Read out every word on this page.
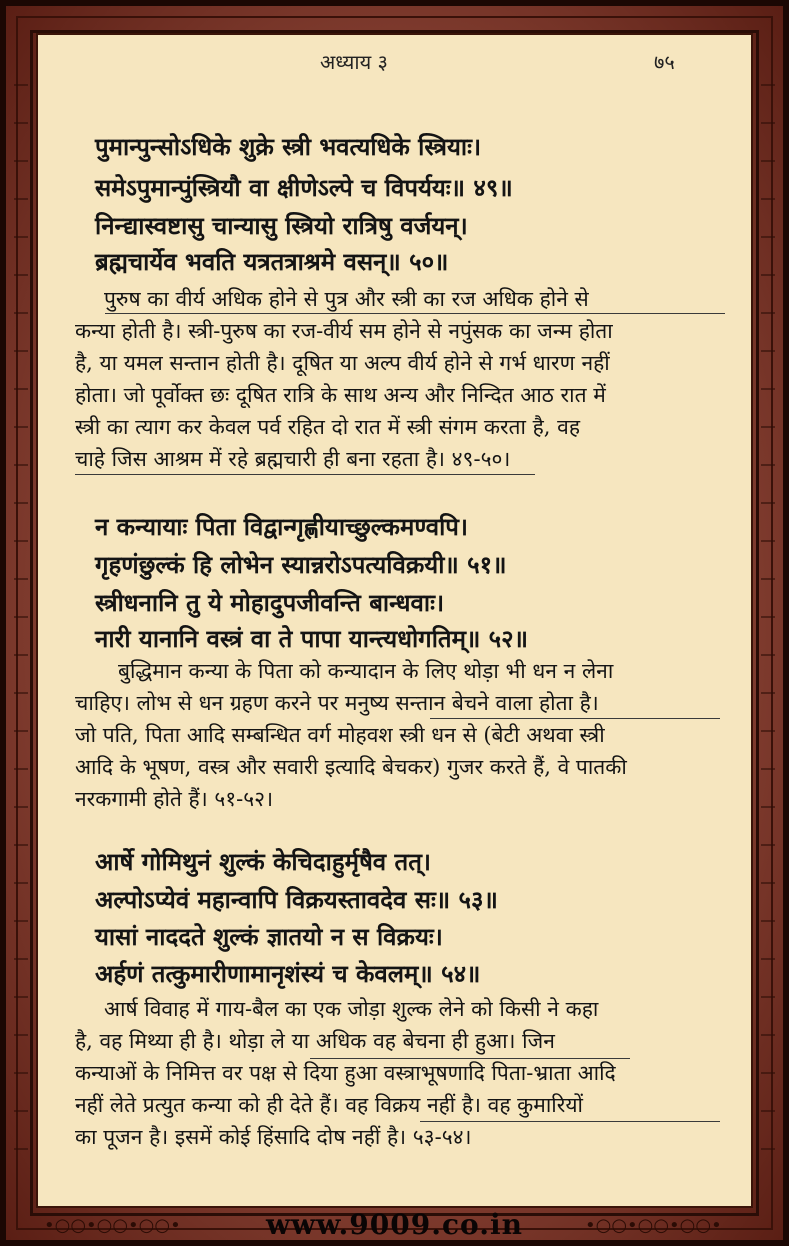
अध्याय ३	७५
पुमान्पुन्सोऽधिके शुक्रे स्त्री भवत्यधिके स्त्रियाः।
समेऽपुमान्पुंस्त्रियौ वा क्षीणेऽल्पे च विपर्ययः॥ ४९॥
निन्द्यास्वष्टासु चान्यासु स्त्रियो रात्रिषु वर्जयन्।
ब्रह्मचार्येव भवति यत्रतत्राश्रमे वसन्॥ ५०॥
पुरुष का वीर्य अधिक होने से पुत्र और स्त्री का रज अधिक होने से
कन्या होती है। स्त्री-पुरुष का रज-वीर्य सम होने से नपुंसक का जन्म होता
है, या यमल सन्तान होती है। दूषित या अल्प वीर्य होने से गर्भ धारण नहीं
होता। जो पूर्वोक्त छः दूषित रात्रि के साथ अन्य और निन्दित आठ रात में
स्त्री का त्याग कर केवल पर्व रहित दो रात में स्त्री संगम करता है, वह
चाहे जिस आश्रम में रहे ब्रह्मचारी ही बना रहता है। ४९-५०।
न कन्यायाः पिता विद्वान्गृह्णीयाच्छुल्कमण्वपि।
गृहणंछुल्कं हि लोभेन स्यान्नरोऽपत्यविक्रयी॥ ५१॥
स्त्रीधनानि तु ये मोहादुपजीवन्ति बान्धवाः।
नारी यानानि वस्त्रं वा ते पापा यान्त्यधोगतिम्॥ ५२॥
बुद्धिमान कन्या के पिता को कन्यादान के लिए थोड़ा भी धन न लेना
चाहिए। लोभ से धन ग्रहण करने पर मनुष्य सन्तान बेचने वाला होता है।
जो पति, पिता आदि सम्बन्धित वर्ग मोहवश स्त्री धन से (बेटी अथवा स्त्री
आदि के भूषण, वस्त्र और सवारी इत्यादि बेचकर) गुजर करते हैं, वे पातकी
नरकगामी होते हैं। ५१-५२।
आर्षे गोमिथुनं शुल्कं केचिदाहुर्मृषैव तत्।
अल्पोऽप्येवं महान्वापि विक्रयस्तावदेव सः॥ ५३॥
यासां नाददते शुल्कं ज्ञातयो न स विक्रयः।
अर्हणं तत्कुमारीणामानृशंस्यं च केवलम्॥ ५४॥
आर्ष विवाह में गाय-बैल का एक जोड़ा शुल्क लेने को किसी ने कहा
है, वह मिथ्या ही है। थोड़ा ले या अधिक वह बेचना ही हुआ। जिन
कन्याओं के निमित्त वर पक्ष से दिया हुआ वस्त्राभूषणादि पिता-भ्राता आदि
नहीं लेते प्रत्युत कन्या को ही देते हैं। वह विक्रय नहीं है। वह कुमारियों
का पूजन है। इसमें कोई हिंसादि दोष नहीं है। ५३-५४।
•○○•○○•○○•	www.9009.co.in	•○○•○○•○○•
